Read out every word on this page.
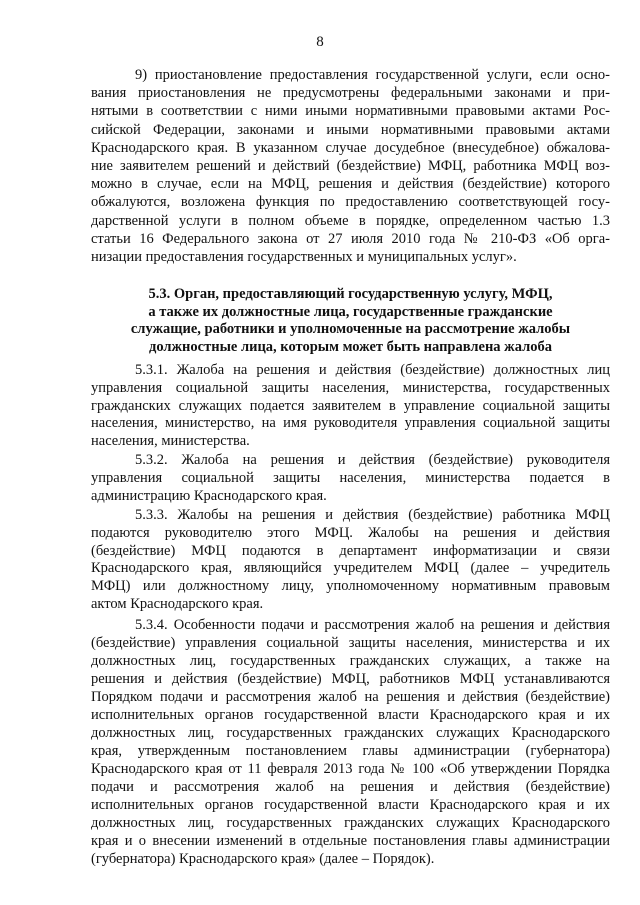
8
9) приостановление предоставления государственной услуги, если осно-
вания приостановления не предусмотрены федеральными законами и при-
нятыми в соответствии с ними иными нормативными правовыми актами Рос-
сийской Федерации, законами и иными нормативными правовыми актами
Краснодарского края. В указанном случае досудебное (внесудебное) обжалова-
ние заявителем решений и действий (бездействие) МФЦ, работника МФЦ воз-
можно в случае, если на МФЦ, решения и действия (бездействие) которого
обжалуются, возложена функция по предоставлению соответствующей госу-
дарственной услуги в полном объеме в порядке, определенном частью 1.3
статьи 16 Федерального закона от 27 июля 2010 года № 210-ФЗ «Об орга-
низации предоставления государственных и муниципальных услуг».
5.3. Орган, предоставляющий государственную услугу, МФЦ,
а также их должностные лица, государственные гражданские
служащие, работники и уполномоченные на рассмотрение жалобы
должностные лица, которым может быть направлена жалоба
5.3.1. Жалоба на решения и действия (бездействие) должностных лиц
управления социальной защиты населения, министерства, государственных
гражданских служащих подается заявителем в управление социальной защиты
населения, министерство, на имя руководителя управления социальной защиты
населения, министерства.
5.3.2. Жалоба на решения и действия (бездействие) руководителя
управления социальной защиты населения, министерства подается в
администрацию Краснодарского края.
5.3.3. Жалобы на решения и действия (бездействие) работника МФЦ
подаются руководителю этого МФЦ. Жалобы на решения и действия
(бездействие) МФЦ подаются в департамент информатизации и связи
Краснодарского края, являющийся учредителем МФЦ (далее – учредитель
МФЦ) или должностному лицу, уполномоченному нормативным правовым
актом Краснодарского края.
5.3.4. Особенности подачи и рассмотрения жалоб на решения и действия
(бездействие) управления социальной защиты населения, министерства и их
должностных лиц, государственных гражданских служащих, а также на
решения и действия (бездействие) МФЦ, работников МФЦ устанавливаются
Порядком подачи и рассмотрения жалоб на решения и действия (бездействие)
исполнительных органов государственной власти Краснодарского края и их
должностных лиц, государственных гражданских служащих Краснодарского
края, утвержденным постановлением главы администрации (губернатора)
Краснодарского края от 11 февраля 2013 года № 100 «Об утверждении Порядка
подачи и рассмотрения жалоб на решения и действия (бездействие)
исполнительных органов государственной власти Краснодарского края и их
должностных лиц, государственных гражданских служащих Краснодарского
края и о внесении изменений в отдельные постановления главы администрации
(губернатора) Краснодарского края» (далее – Порядок).
